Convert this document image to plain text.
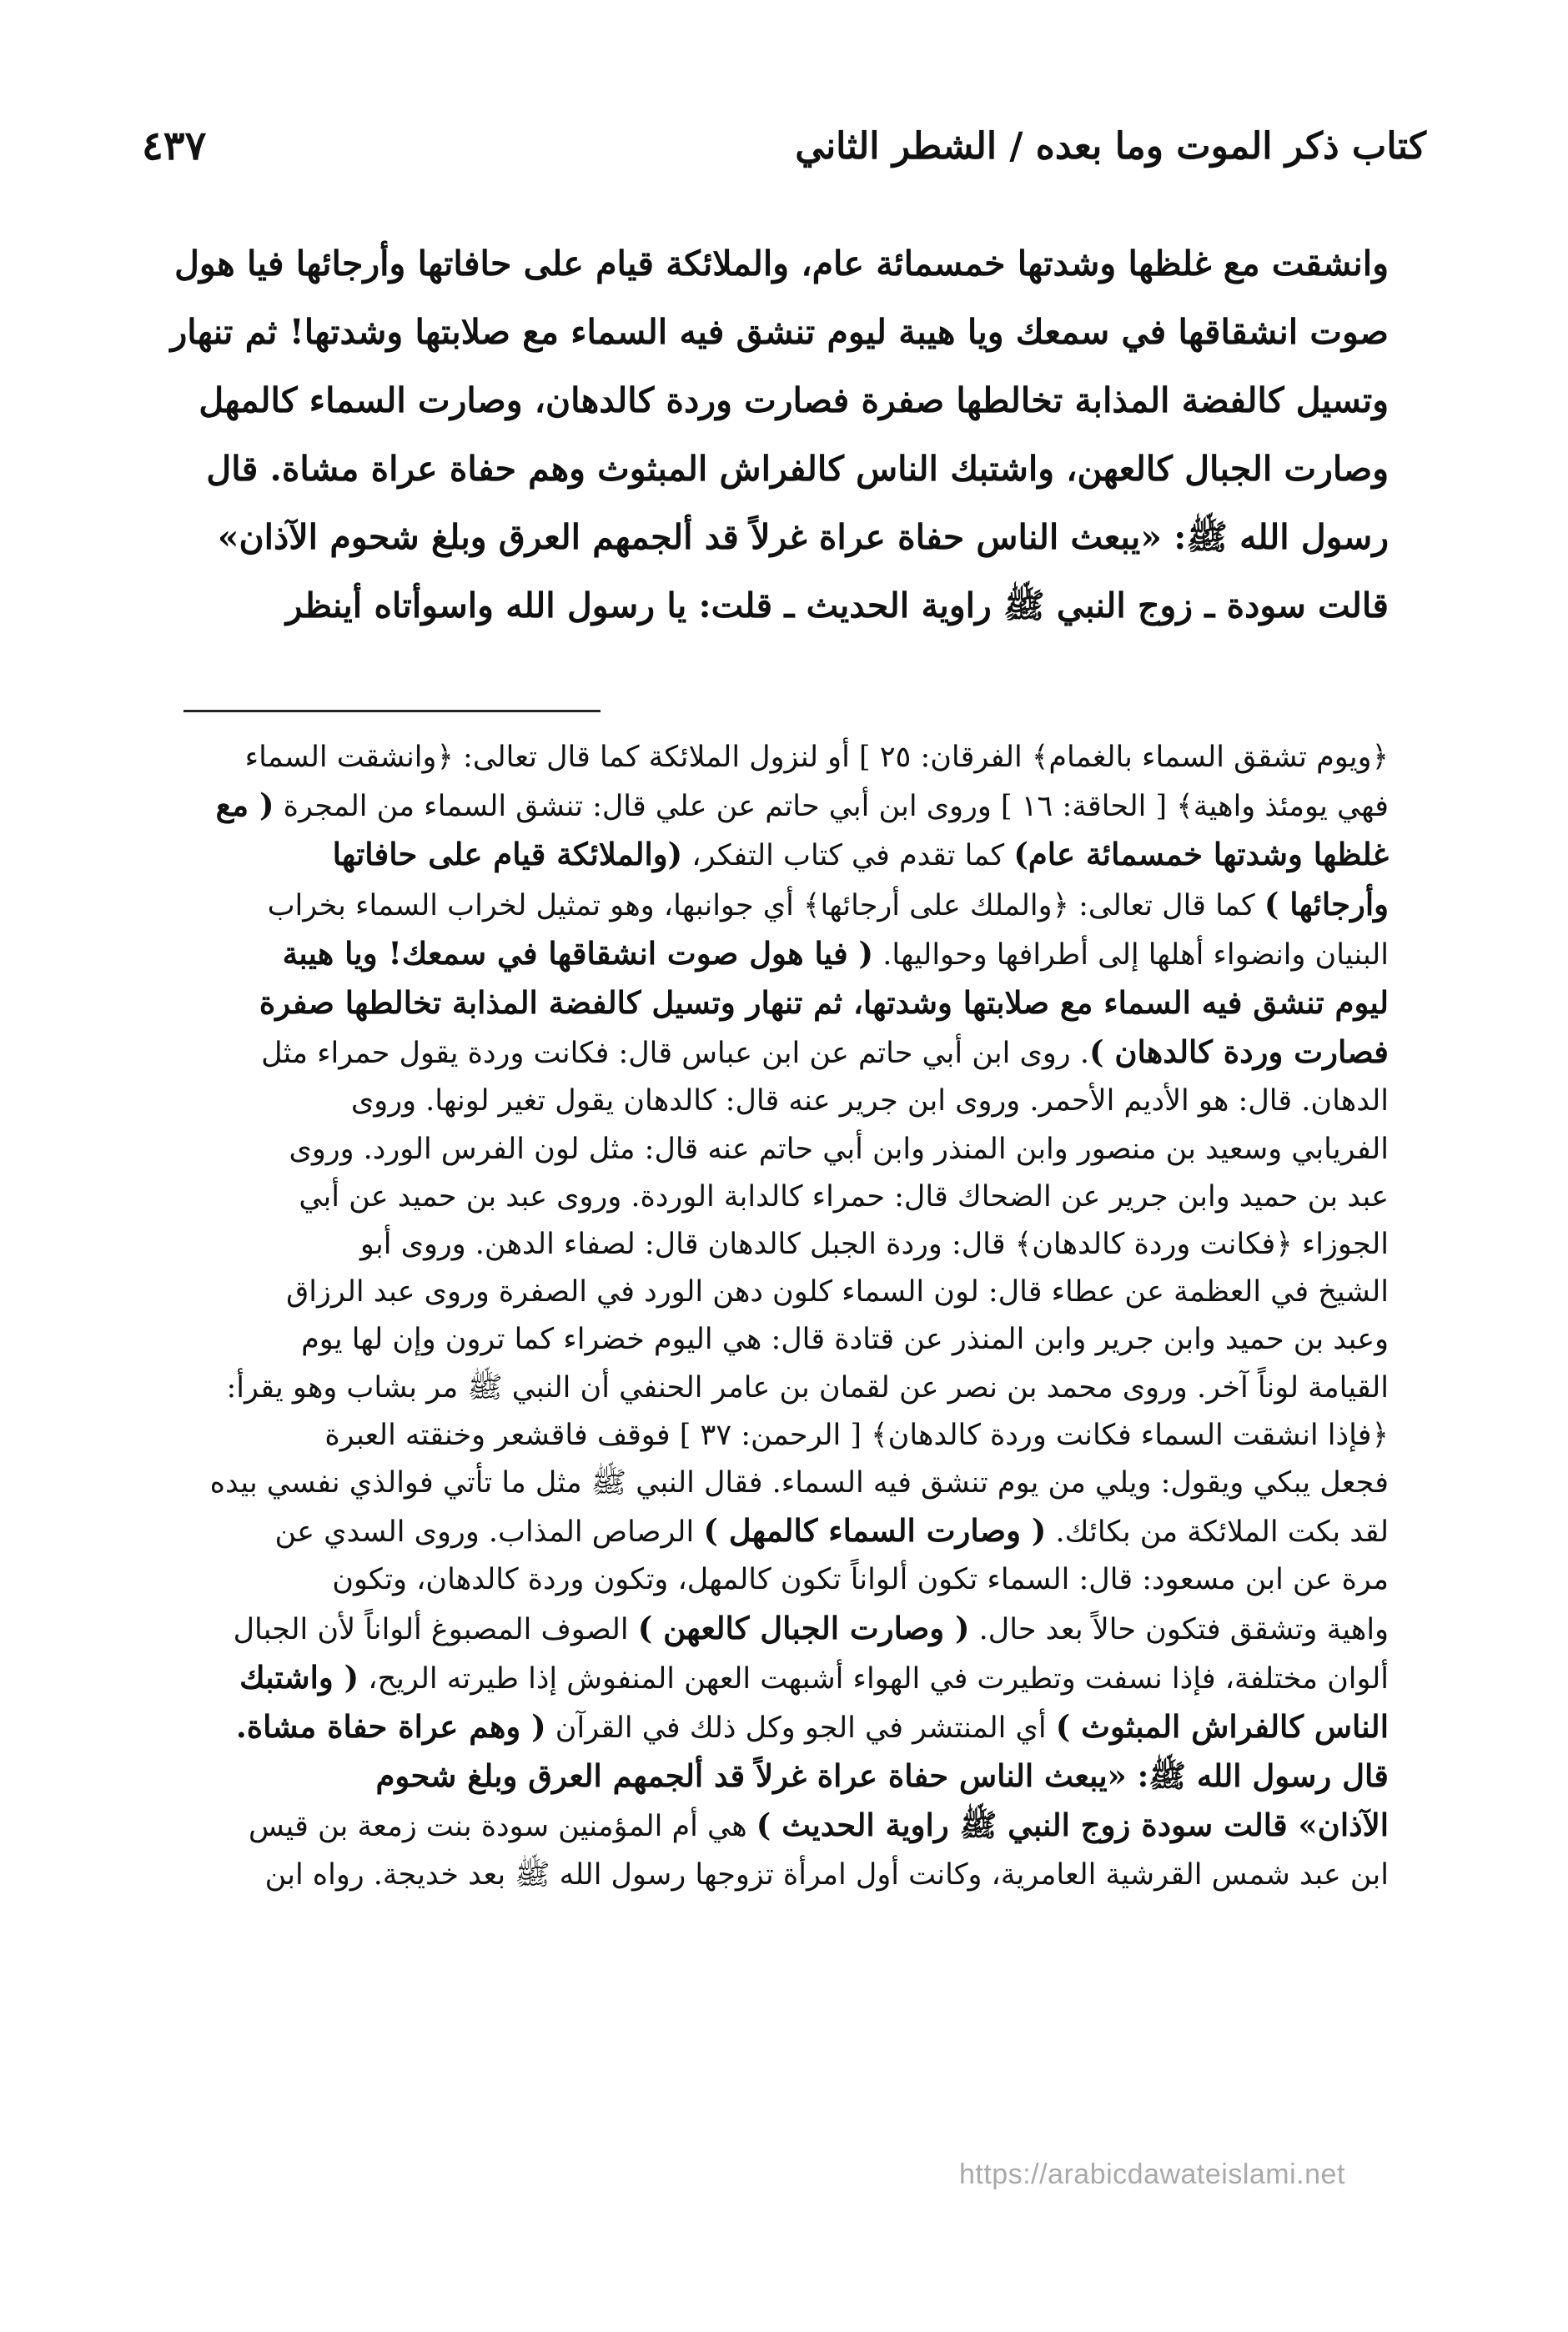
كتاب ذكر الموت وما بعده / الشطر الثاني
٤٣٧

وانشقت مع غلظها وشدتها خمسمائة عام، والملائكة قيام على حافاتها وأرجائها فيا هول

صوت انشقاقها في سمعك ويا هيبة ليوم تنشق فيه السماء مع صلابتها وشدتها! ثم تنهار

وتسيل كالفضة المذابة تخالطها صفرة فصارت وردة كالدهان، وصارت السماء كالمهل

وصارت الجبال كالعهن، واشتبك الناس كالفراش المبثوث وهم حفاة عراة مشاة. قال

رسول الله ﷺ: «يبعث الناس حفاة عراة غرلاً قد ألجمهم العرق وبلغ شحوم الآذان»

قالت سودة ـ زوج النبي ﷺ راوية الحديث ـ قلت: يا رسول الله واسوأتاه أينظر

﴿ويوم تشقق السماء بالغمام﴾ الفرقان: ٢٥ ] أو لنزول الملائكة كما قال تعالى: ﴿وانشقت السماء

فهي يومئذ واهية﴾ [ الحاقة: ١٦ ] وروى ابن أبي حاتم عن علي قال: تنشق السماء من المجرة ( مع

غلظها وشدتها خمسمائة عام) كما تقدم في كتاب التفكر، (والملائكة قيام على حافاتها

وأرجائها ) كما قال تعالى: ﴿والملك على أرجائها﴾ أي جوانبها، وهو تمثيل لخراب السماء بخراب

البنيان وانضواء أهلها إلى أطرافها وحواليها. ( فيا هول صوت انشقاقها في سمعك! ويا هيبة

ليوم تنشق فيه السماء مع صلابتها وشدتها، ثم تنهار وتسيل كالفضة المذابة تخالطها صفرة

فصارت وردة كالدهان ). روى ابن أبي حاتم عن ابن عباس قال: فكانت وردة يقول حمراء مثل

الدهان. قال: هو الأديم الأحمر. وروى ابن جرير عنه قال: كالدهان يقول تغير لونها. وروى

الفريابي وسعيد بن منصور وابن المنذر وابن أبي حاتم عنه قال: مثل لون الفرس الورد. وروى

عبد بن حميد وابن جرير عن الضحاك قال: حمراء كالدابة الوردة. وروى عبد بن حميد عن أبي

الجوزاء ﴿فكانت وردة كالدهان﴾ قال: وردة الجبل كالدهان قال: لصفاء الدهن. وروى أبو

الشيخ في العظمة عن عطاء قال: لون السماء كلون دهن الورد في الصفرة وروى عبد الرزاق

وعبد بن حميد وابن جرير وابن المنذر عن قتادة قال: هي اليوم خضراء كما ترون وإن لها يوم

القيامة لوناً آخر. وروى محمد بن نصر عن لقمان بن عامر الحنفي أن النبي ﷺ مر بشاب وهو يقرأ:

﴿فإذا انشقت السماء فكانت وردة كالدهان﴾ [ الرحمن: ٣٧ ] فوقف فاقشعر وخنقته العبرة

فجعل يبكي ويقول: ويلي من يوم تنشق فيه السماء. فقال النبي ﷺ مثل ما تأتي فوالذي نفسي بيده

لقد بكت الملائكة من بكائك. ( وصارت السماء كالمهل ) الرصاص المذاب. وروى السدي عن

مرة عن ابن مسعود: قال: السماء تكون ألواناً تكون كالمهل، وتكون وردة كالدهان، وتكون

واهية وتشقق فتكون حالاً بعد حال. ( وصارت الجبال كالعهن ) الصوف المصبوغ ألواناً لأن الجبال

ألوان مختلفة، فإذا نسفت وتطيرت في الهواء أشبهت العهن المنفوش إذا طيرته الريح، ( واشتبك

الناس كالفراش المبثوث ) أي المنتشر في الجو وكل ذلك في القرآن ( وهم عراة حفاة مشاة.

قال رسول الله ﷺ: «يبعث الناس حفاة عراة غرلاً قد ألجمهم العرق وبلغ شحوم

الآذان» قالت سودة زوج النبي ﷺ راوية الحديث ) هي أم المؤمنين سودة بنت زمعة بن قيس

ابن عبد شمس القرشية العامرية، وكانت أول امرأة تزوجها رسول الله ﷺ بعد خديجة. رواه ابن

https://arabicdawateislami.net
